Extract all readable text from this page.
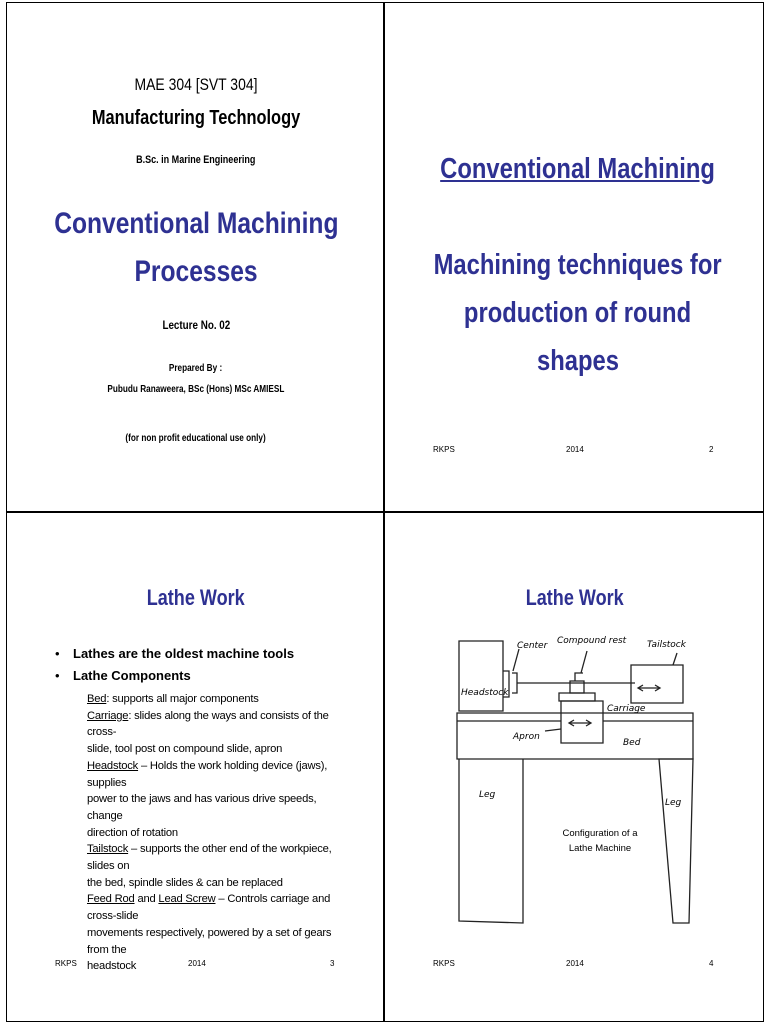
MAE 304 [SVT 304]
Manufacturing Technology
B.Sc. in Marine Engineering
Conventional Machining
Processes
Lecture No. 02
Prepared By :
Pubudu Ranaweera, BSc (Hons) MSc AMIESL
(for non profit educational use only)
Conventional Machining
Machining techniques for
production of round
shapes
RKPS	2014	2
Lathe Work
• Lathes are the oldest machine tools
• Lathe Components
Bed: supports all major components
Carriage: slides along the ways and consists of the cross-
slide, tool post on compound slide, apron
Headstock – Holds the work holding device (jaws), supplies
power to the jaws and has various drive speeds, change
direction of rotation
Tailstock – supports the other end of the workpiece, slides on
the bed, spindle slides & can be replaced
Feed Rod and Lead Screw – Controls carriage and cross-slide
movements respectively, powered by a set of gears from the
headstock
RKPS	2014	3
Lathe Work
Center Compound rest Tailstock
Headstock
Carriage
Apron
Bed
Leg
Leg
Configuration of a
Lathe Machine
RKPS	2014	4
